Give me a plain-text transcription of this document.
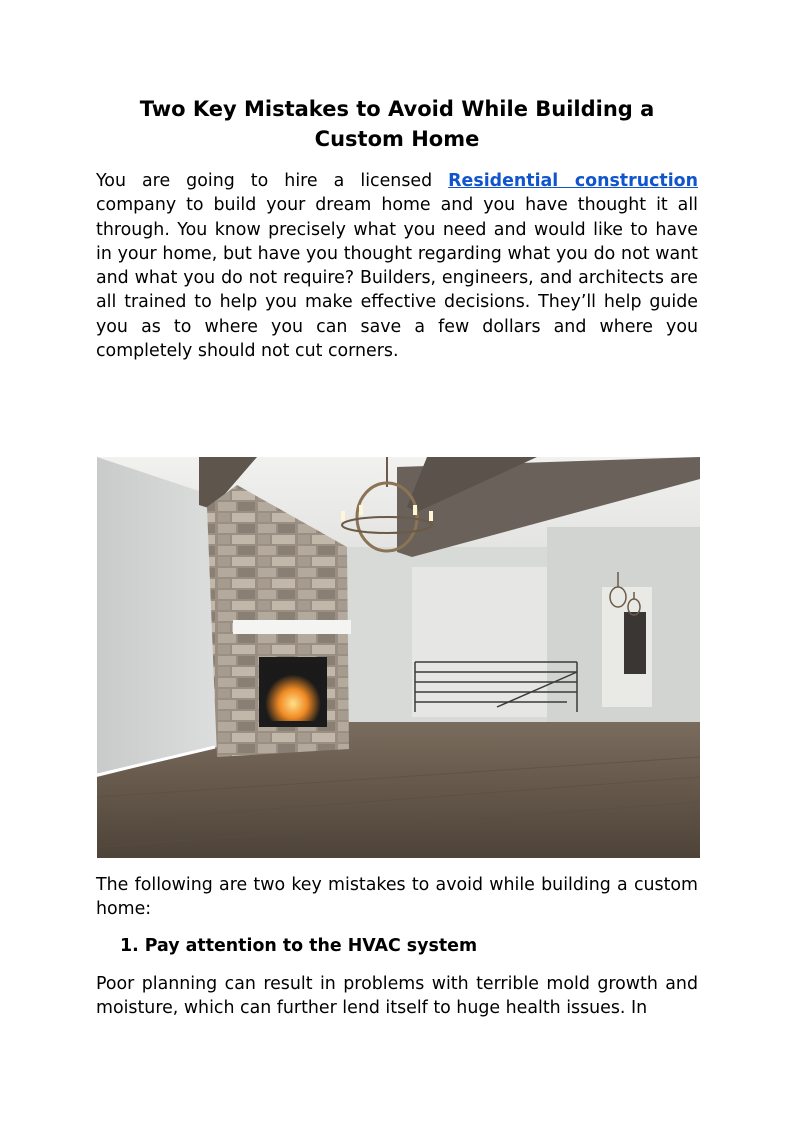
Two Key Mistakes to Avoid While Building a Custom Home

You are going to hire a licensed Residential construction company to build your dream home and you have thought it all through. You know precisely what you need and would like to have in your home, but have you thought regarding what you do not want and what you do not require? Builders, engineers, and architects are all trained to help you make effective decisions. They’ll help guide you as to where you can save a few dollars and where you completely should not cut corners.

The following are two key mistakes to avoid while building a custom home:

1. Pay attention to the HVAC system

Poor planning can result in problems with terrible mold growth and moisture, which can further lend itself to huge health issues. In
